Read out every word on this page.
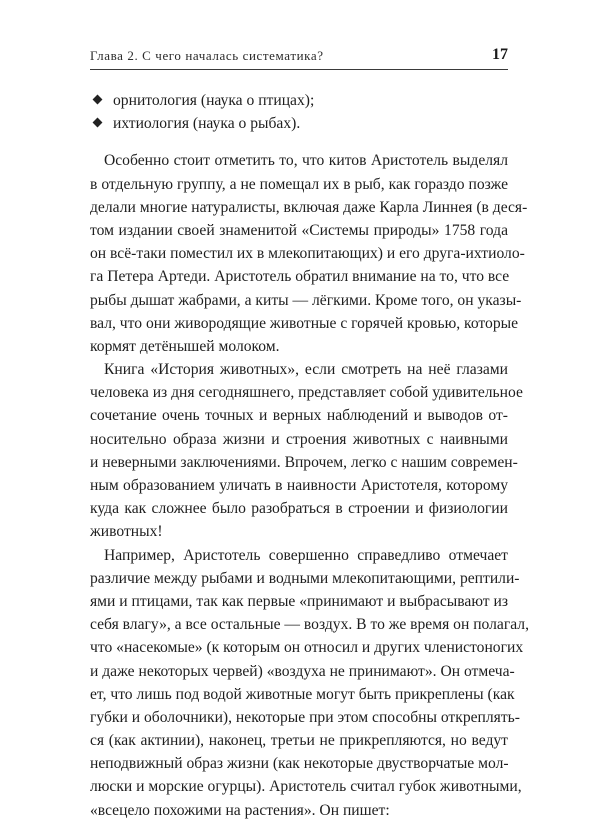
Глава 2. С чего началась систематика?	17
орнитология (наука о птицах);
ихтиология (наука о рыбах).
Особенно стоит отметить то, что китов Аристотель выделял
в отдельную группу, а не помещал их в рыб, как гораздо позже
делали многие натуралисты, включая даже Карла Линнея (в деся-
том издании своей знаменитой «Системы природы» 1758 года
он всё-таки поместил их в млекопитающих) и его друга-ихтиоло-
га Петера Артеди. Аристотель обратил внимание на то, что все
рыбы дышат жабрами, а киты — лёгкими. Кроме того, он указы-
вал, что они живородящие животные с горячей кровью, которые
кормят детёнышей молоком.
Книга «История животных», если смотреть на неё глазами
человека из дня сегодняшнего, представляет собой удивительное
сочетание очень точных и верных наблюдений и выводов от-
носительно образа жизни и строения животных с наивными
и неверными заключениями. Впрочем, легко с нашим современ-
ным образованием уличать в наивности Аристотеля, которому
куда как сложнее было разобраться в строении и физиологии
животных!
Например, Аристотель совершенно справедливо отмечает
различие между рыбами и водными млекопитающими, рептили-
ями и птицами, так как первые «принимают и выбрасывают из
себя влагу», а все остальные — воздух. В то же время он полагал,
что «насекомые» (к которым он относил и других членистоногих
и даже некоторых червей) «воздуха не принимают». Он отмеча-
ет, что лишь под водой животные могут быть прикреплены (как
губки и оболочники), некоторые при этом способны откреплять-
ся (как актинии), наконец, третьи не прикрепляются, но ведут
неподвижный образ жизни (как некоторые двустворчатые мол-
люски и морские огурцы). Аристотель считал губок животными,
«всецело похожими на растения». Он пишет:
